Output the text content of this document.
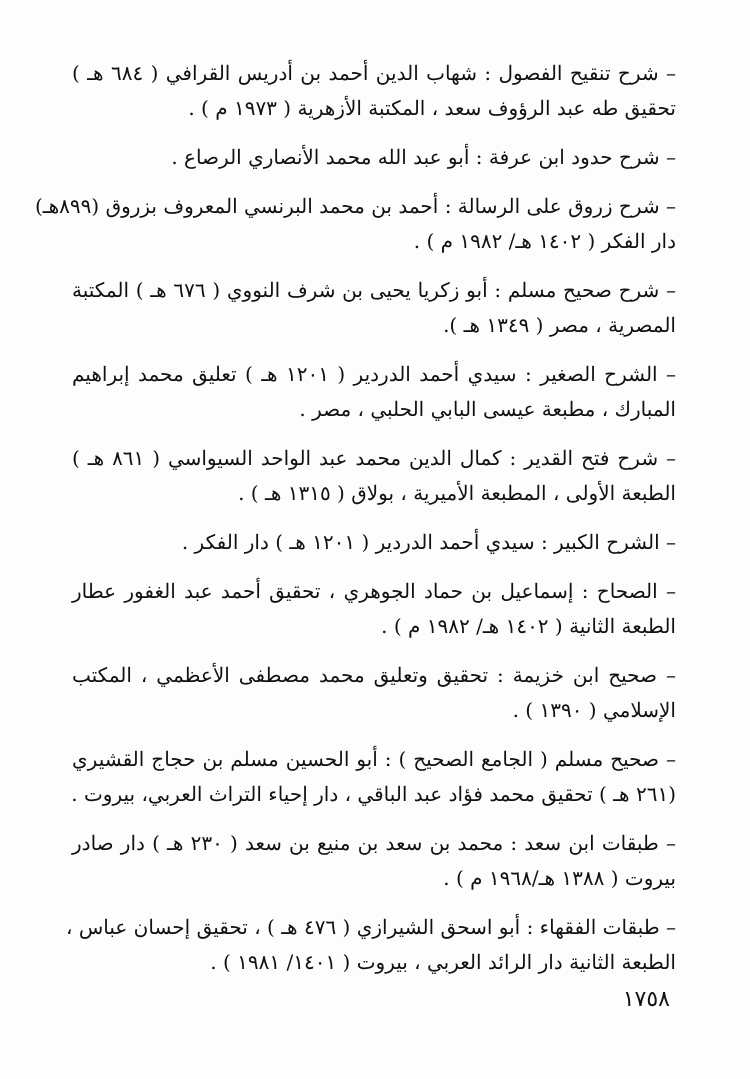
– شرح تنقيح الفصول : شهاب الدين أحمد بن أدريس القرافي ( ٦٨٤ هـ )
تحقيق طه عبد الرؤوف سعد ، المكتبة الأزهرية ( ١٩٧٣ م ) .
– شرح حدود ابن عرفة : أبو عبد الله محمد الأنصاري الرصاع .
– شرح زروق على الرسالة : أحمد بن محمد البرنسي المعروف بزروق (٨٩٩هـ)
دار الفكر ( ١٤٠٢ هـ/ ١٩٨٢ م ) .
– شرح صحيح مسلم : أبو زكريا يحيى بن شرف النووي ( ٦٧٦ هـ ) المكتبة
المصرية ، مصر ( ١٣٤٩ هـ ).
– الشرح الصغير : سيدي أحمد الدردير ( ١٢٠١ هـ ) تعليق محمد إبراهيم
المبارك ، مطبعة عيسى البابي الحلبي ، مصر .
– شرح فتح القدير : كمال الدين محمد عبد الواحد السيواسي ( ٨٦١ هـ )
الطبعة الأولى ، المطبعة الأميرية ، بولاق ( ١٣١٥ هـ ) .
– الشرح الكبير : سيدي أحمد الدردير ( ١٢٠١ هـ ) دار الفكر .
– الصحاح : إسماعيل بن حماد الجوهري ، تحقيق أحمد عبد الغفور عطار
الطبعة الثانية ( ١٤٠٢ هـ/ ١٩٨٢ م ) .
– صحيح ابن خزيمة : تحقيق وتعليق محمد مصطفى الأعظمي ، المكتب
الإسلامي ( ١٣٩٠ ) .
– صحيح مسلم ( الجامع الصحيح ) : أبو الحسين مسلم بن حجاج القشيري
(٢٦١ هـ ) تحقيق محمد فؤاد عبد الباقي ، دار إحياء التراث العربي، بيروت .
– طبقات ابن سعد : محمد بن سعد بن منيع بن سعد ( ٢٣٠ هـ ) دار صادر
بيروت ( ١٣٨٨ هـ/١٩٦٨ م ) .
– طبقات الفقهاء : أبو اسحق الشيرازي ( ٤٧٦ هـ ) ، تحقيق إحسان عباس ،
الطبعة الثانية دار الرائد العربي ، بيروت ( ١٤٠١/ ١٩٨١ ) .
١٧٥٨
